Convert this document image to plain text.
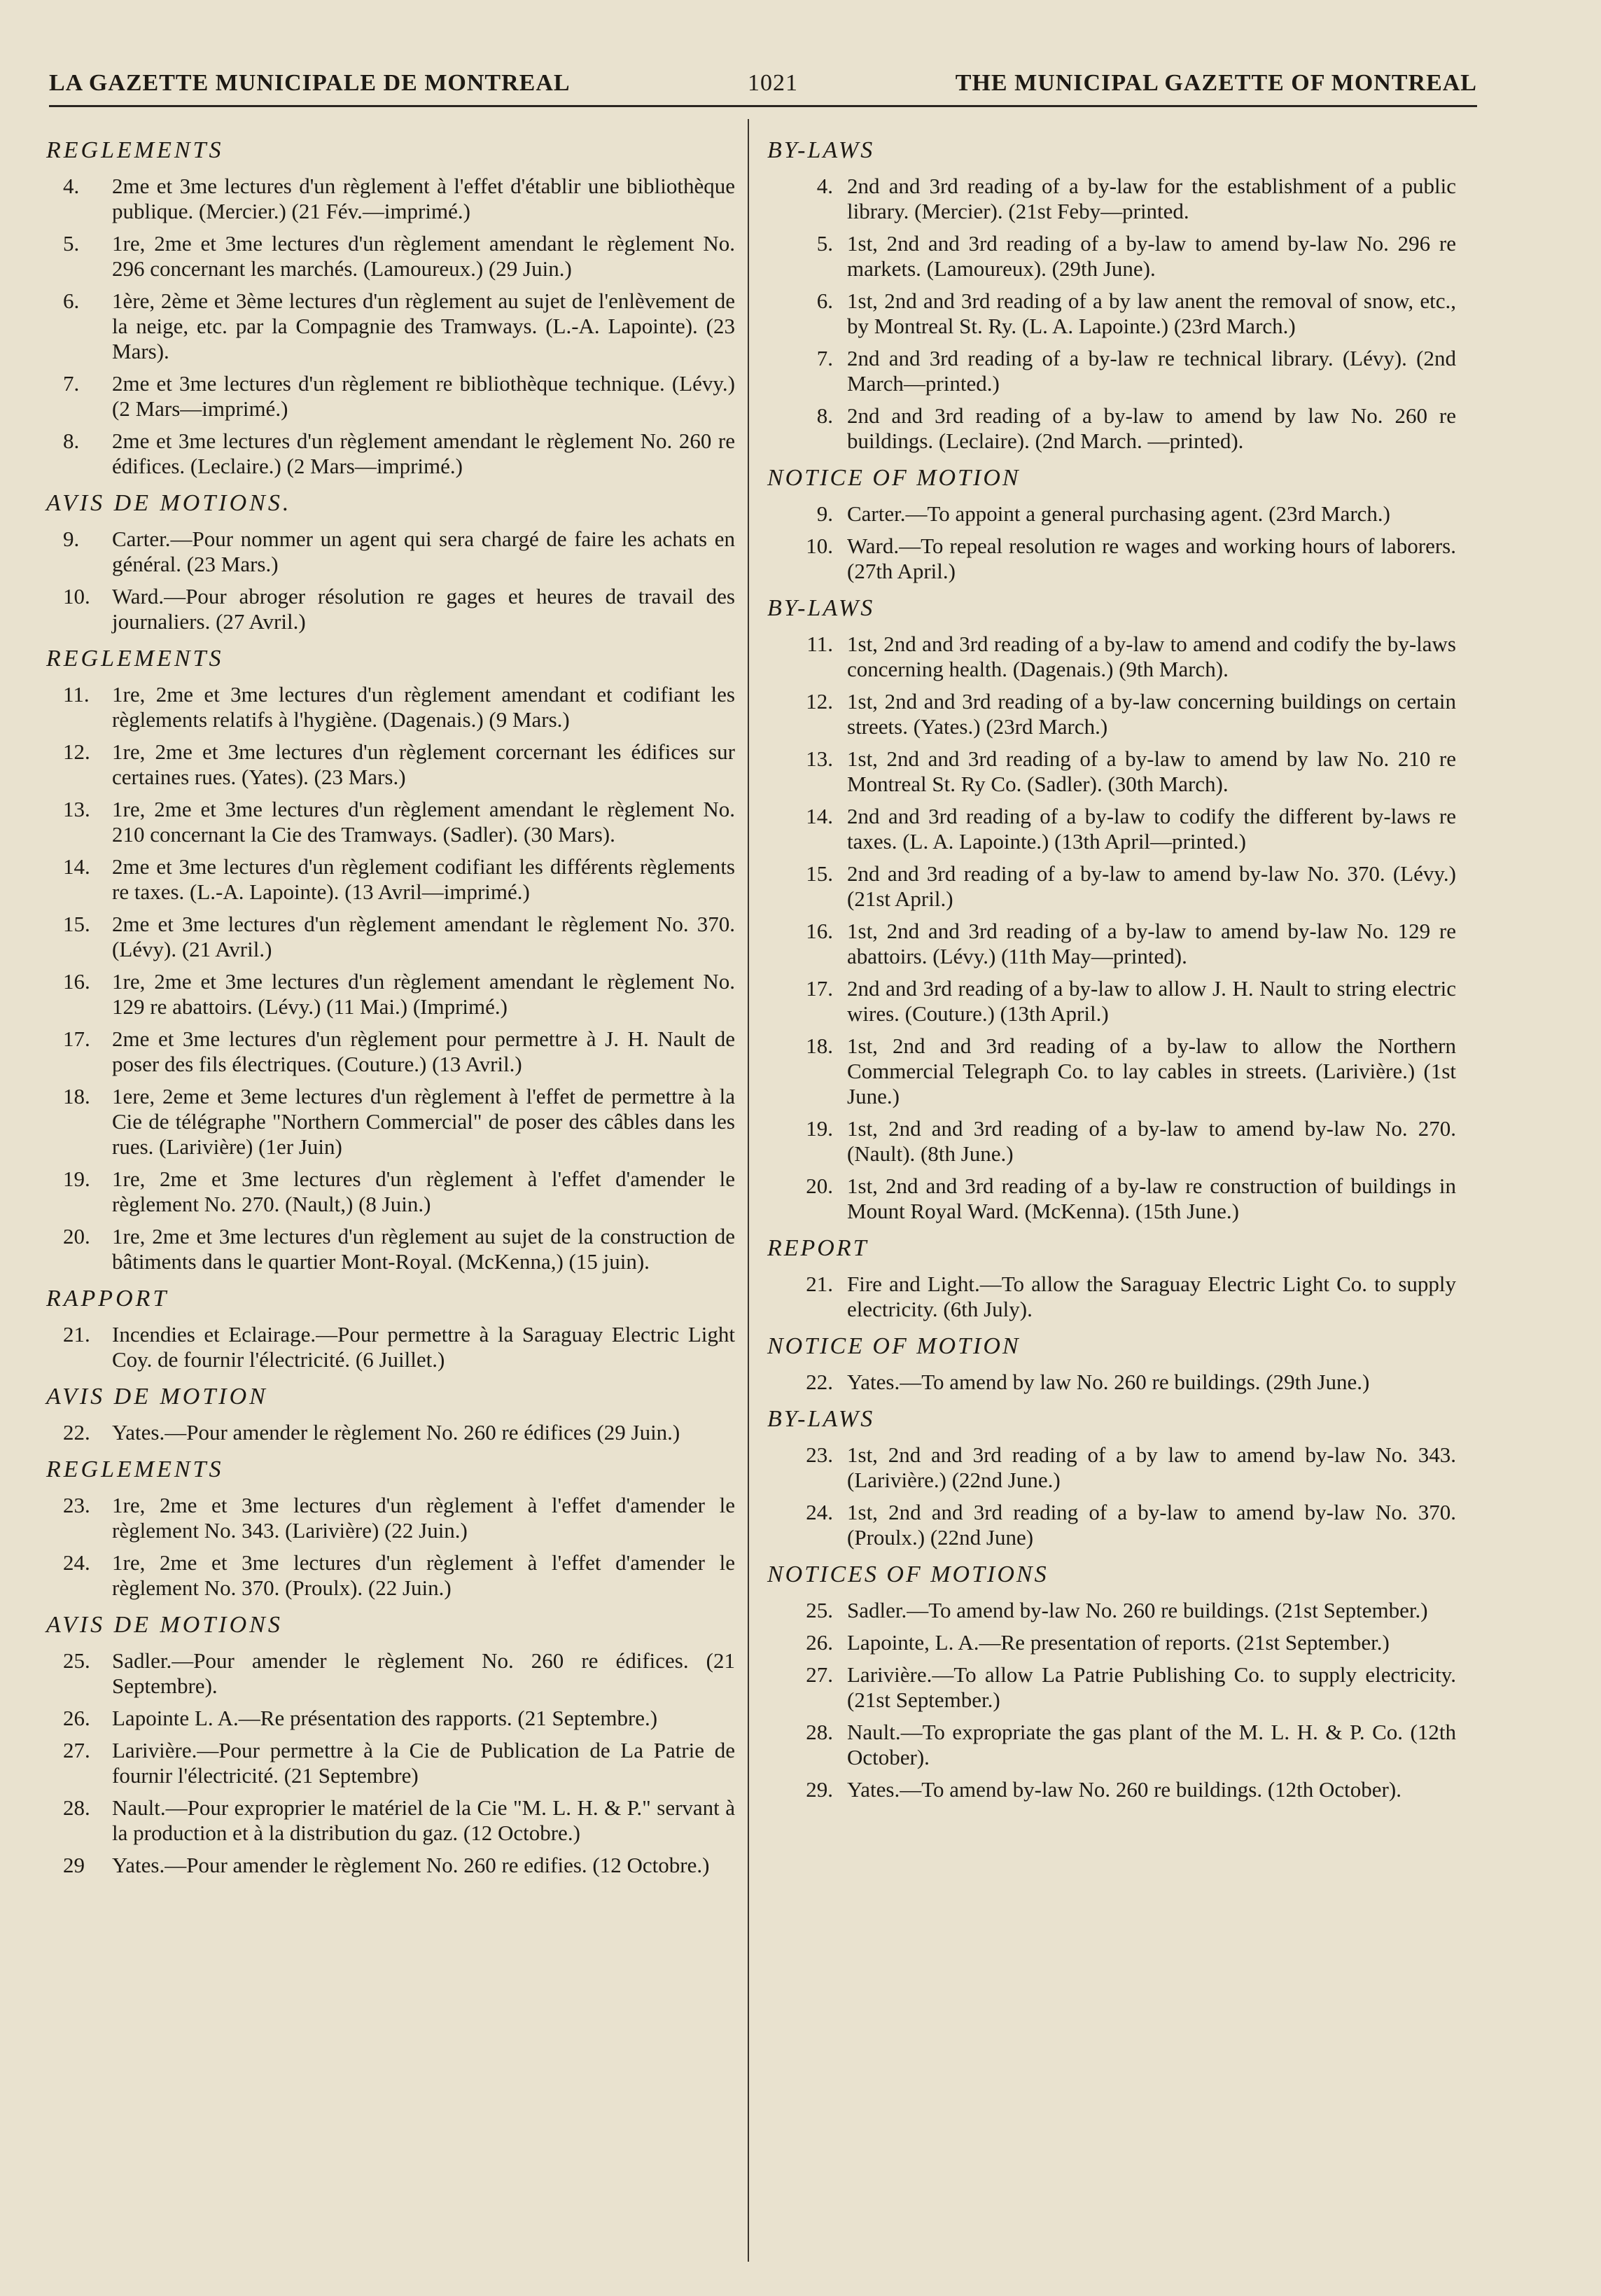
LA GAZETTE MUNICIPALE DE MONTREAL	1021	THE MUNICIPAL GAZETTE OF MONTREAL
REGLEMENTS
4.	2me et 3me lectures d'un règlement à l'effet d'établir une bibliothèque publique. (Mercier.) (21 Fév.—imprimé.)
5.	1re, 2me et 3me lectures d'un règlement amendant le règlement No. 296 concernant les marchés. (Lamoureux.) (29 Juin.)
6.	1ère, 2ème et 3ème lectures d'un règlement au sujet de l'enlèvement de la neige, etc. par la Compagnie des Tramways. (L.-A. Lapointe). (23 Mars).
7.	2me et 3me lectures d'un règlement re bibliothèque technique. (Lévy.) (2 Mars—imprimé.)
8.	2me et 3me lectures d'un règlement amendant le règlement No. 260 re édifices. (Leclaire.) (2 Mars—imprimé.)
AVIS DE MOTIONS.
9.	Carter.—Pour nommer un agent qui sera chargé de faire les achats en général. (23 Mars.)
10.	Ward.—Pour abroger résolution re gages et heures de travail des journaliers. (27 Avril.)
REGLEMENTS
11.	1re, 2me et 3me lectures d'un règlement amendant et codifiant les règlements relatifs à l'hygiène. (Dagenais.) (9 Mars.)
12.	1re, 2me et 3me lectures d'un règlement corcernant les édifices sur certaines rues. (Yates). (23 Mars.)
13.	1re, 2me et 3me lectures d'un règlement amendant le règlement No. 210 concernant la Cie des Tramways. (Sadler). (30 Mars).
14.	2me et 3me lectures d'un règlement codifiant les différents règlements re taxes. (L.-A. Lapointe). (13 Avril—imprimé.)
15.	2me et 3me lectures d'un règlement amendant le règlement No. 370. (Lévy). (21 Avril.)
16.	1re, 2me et 3me lectures d'un règlement amendant le règlement No. 129 re abattoirs. (Lévy.) (11 Mai.) (Imprimé.)
17.	2me et 3me lectures d'un règlement pour permettre à J. H. Nault de poser des fils électriques. (Couture.) (13 Avril.)
18.	1ere, 2eme et 3eme lectures d'un règlement à l'effet de permettre à la Cie de télégraphe "Northern Commercial" de poser des câbles dans les rues. (Larivière) (1er Juin)
19.	1re, 2me et 3me lectures d'un règlement à l'effet d'amender le règlement No. 270. (Nault,) (8 Juin.)
20.	1re, 2me et 3me lectures d'un règlement au sujet de la construction de bâtiments dans le quartier Mont-Royal. (McKenna,) (15 juin).
RAPPORT
21.	Incendies et Eclairage.—Pour permettre à la Saraguay Electric Light Coy. de fournir l'électricité. (6 Juillet.)
AVIS DE MOTION
22.	Yates.—Pour amender le règlement No. 260 re édifices (29 Juin.)
REGLEMENTS
23.	1re, 2me et 3me lectures d'un règlement à l'effet d'amender le règlement No. 343. (Larivière) (22 Juin.)
24.	1re, 2me et 3me lectures d'un règlement à l'effet d'amender le règlement No. 370. (Proulx). (22 Juin.)
AVIS DE MOTIONS
25.	Sadler.—Pour amender le règlement No. 260 re édifices. (21 Septembre).
26.	Lapointe L. A.—Re présentation des rapports. (21 Septembre.)
27.	Larivière.—Pour permettre à la Cie de Publication de La Patrie de fournir l'électricité. (21 Septembre)
28.	Nault.—Pour exproprier le matériel de la Cie "M. L. H. & P." servant à la production et à la distribution du gaz. (12 Octobre.)
29	Yates.—Pour amender le règlement No. 260 re edifies. (12 Octobre.)
BY-LAWS
4. 2nd and 3rd reading of a by-law for the establishment of a public library. (Mercier). (21st Feby—printed.
5. 1st, 2nd and 3rd reading of a by-law to amend by-law No. 296 re markets. (Lamoureux). (29th June).
6. 1st, 2nd and 3rd reading of a by law anent the removal of snow, etc., by Montreal St. Ry. (L. A. Lapointe.) (23rd March.)
7. 2nd and 3rd reading of a by-law re technical library. (Lévy). (2nd March—printed.)
8. 2nd and 3rd reading of a by-law to amend by law No. 260 re buildings. (Leclaire). (2nd March. —printed).
NOTICE OF MOTION
9. Carter.—To appoint a general purchasing agent. (23rd March.)
10. Ward.—To repeal resolution re wages and working hours of laborers. (27th April.)
BY-LAWS
11. 1st, 2nd and 3rd reading of a by-law to amend and codify the by-laws concerning health. (Dagenais.) (9th March).
12. 1st, 2nd and 3rd reading of a by-law concerning buildings on certain streets. (Yates.) (23rd March.)
13. 1st, 2nd and 3rd reading of a by-law to amend by law No. 210 re Montreal St. Ry Co. (Sadler). (30th March).
14. 2nd and 3rd reading of a by-law to codify the different by-laws re taxes. (L. A. Lapointe.) (13th April—printed.)
15. 2nd and 3rd reading of a by-law to amend by-law No. 370. (Lévy.) (21st April.)
16. 1st, 2nd and 3rd reading of a by-law to amend by-law No. 129 re abattoirs. (Lévy.) (11th May—printed).
17. 2nd and 3rd reading of a by-law to allow J. H. Nault to string electric wires. (Couture.) (13th April.)
18. 1st, 2nd and 3rd reading of a by-law to allow the Northern Commercial Telegraph Co. to lay cables in streets. (Larivière.) (1st June.)
19. 1st, 2nd and 3rd reading of a by-law to amend by-law No. 270. (Nault). (8th June.)
20. 1st, 2nd and 3rd reading of a by-law re construction of buildings in Mount Royal Ward. (McKenna). (15th June.)
REPORT
21. Fire and Light.—To allow the Saraguay Electric Light Co. to supply electricity. (6th July).
NOTICE OF MOTION
22. Yates.—To amend by law No. 260 re buildings. (29th June.)
BY-LAWS
23. 1st, 2nd and 3rd reading of a by law to amend by-law No. 343. (Larivière.) (22nd June.)
24. 1st, 2nd and 3rd reading of a by-law to amend by-law No. 370. (Proulx.) (22nd June)
NOTICES OF MOTIONS
25. Sadler.—To amend by-law No. 260 re buildings. (21st September.)
26. Lapointe, L. A.—Re presentation of reports. (21st September.)
27. Larivière.—To allow La Patrie Publishing Co. to supply electricity. (21st September.)
28. Nault.—To expropriate the gas plant of the M. L. H. & P. Co. (12th October).
29. Yates.—To amend by-law No. 260 re buildings. (12th October).
